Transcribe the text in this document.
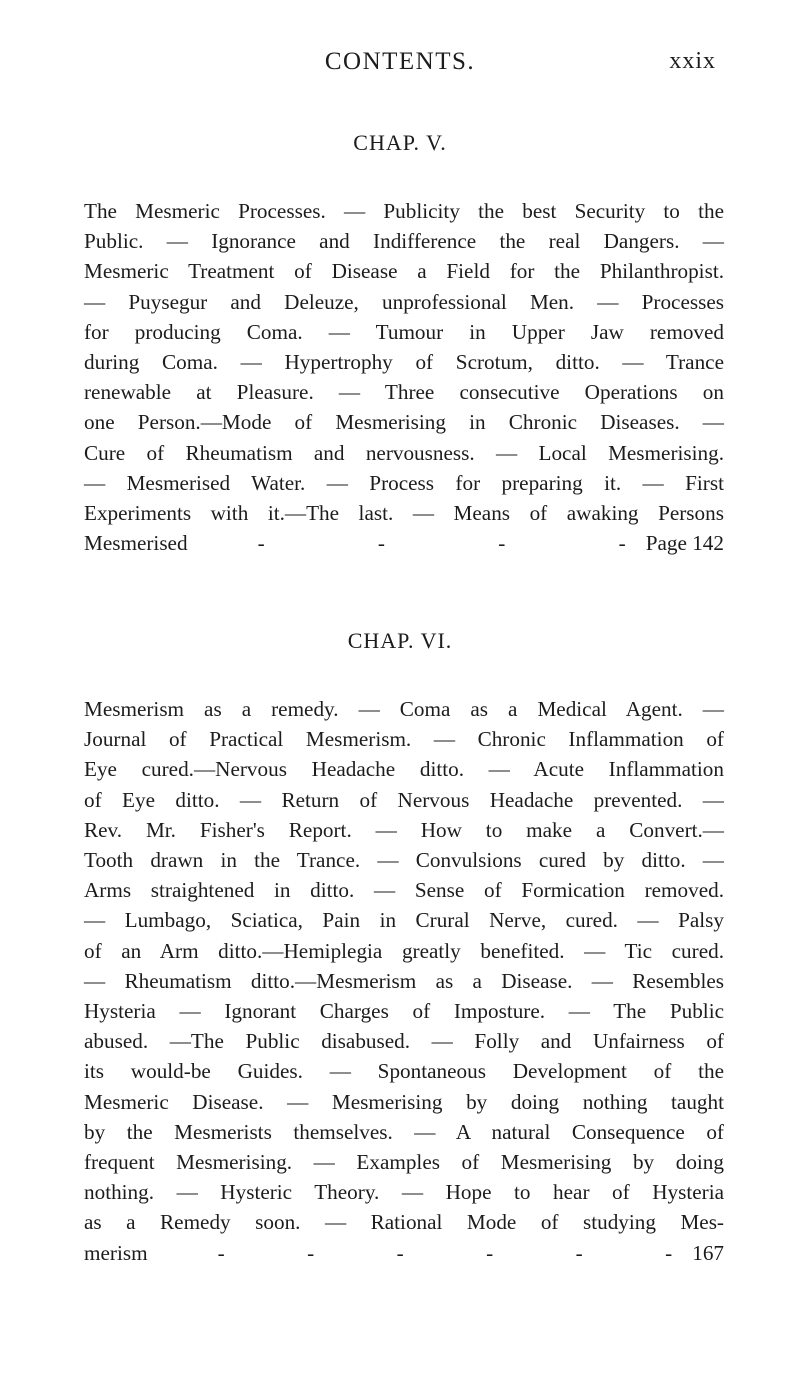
CONTENTS.	xxix
CHAP. V.
The Mesmeric Processes. — Publicity the best Security to the
Public. — Ignorance and Indifference the real Dangers. —
Mesmeric Treatment of Disease a Field for the Philanthropist.
— Puysegur and Deleuze, unprofessional Men. — Processes
for producing Coma. — Tumour in Upper Jaw removed
during Coma. — Hypertrophy of Scrotum, ditto. — Trance
renewable at Pleasure. — Three consecutive Operations on
one Person.—Mode of Mesmerising in Chronic Diseases. —
Cure of Rheumatism and nervousness. — Local Mesmerising.
— Mesmerised Water. — Process for preparing it. — First
Experiments with it.—The last. — Means of awaking Persons
Mesmerised	-	-	-	- Page 142
CHAP. VI.
Mesmerism as a remedy. — Coma as a Medical Agent. —
Journal of Practical Mesmerism. — Chronic Inflammation of
Eye cured.—Nervous Headache ditto. — Acute Inflammation
of Eye ditto. — Return of Nervous Headache prevented. —
Rev. Mr. Fisher's Report. — How to make a Convert.—
Tooth drawn in the Trance. — Convulsions cured by ditto. —
Arms straightened in ditto. — Sense of Formication removed.
— Lumbago, Sciatica, Pain in Crural Nerve, cured. — Palsy
of an Arm ditto.—Hemiplegia greatly benefited. — Tic cured.
— Rheumatism ditto.—Mesmerism as a Disease. — Resembles
Hysteria — Ignorant Charges of Imposture. — The Public
abused. —The Public disabused. — Folly and Unfairness of
its would-be Guides. — Spontaneous Development of the
Mesmeric Disease. — Mesmerising by doing nothing taught
by the Mesmerists themselves. — A natural Consequence of
frequent Mesmerising. — Examples of Mesmerising by doing
nothing. — Hysteric Theory. — Hope to hear of Hysteria
as a Remedy soon. — Rational Mode of studying Mes-
merism	-	-	-	-	-	- 167
